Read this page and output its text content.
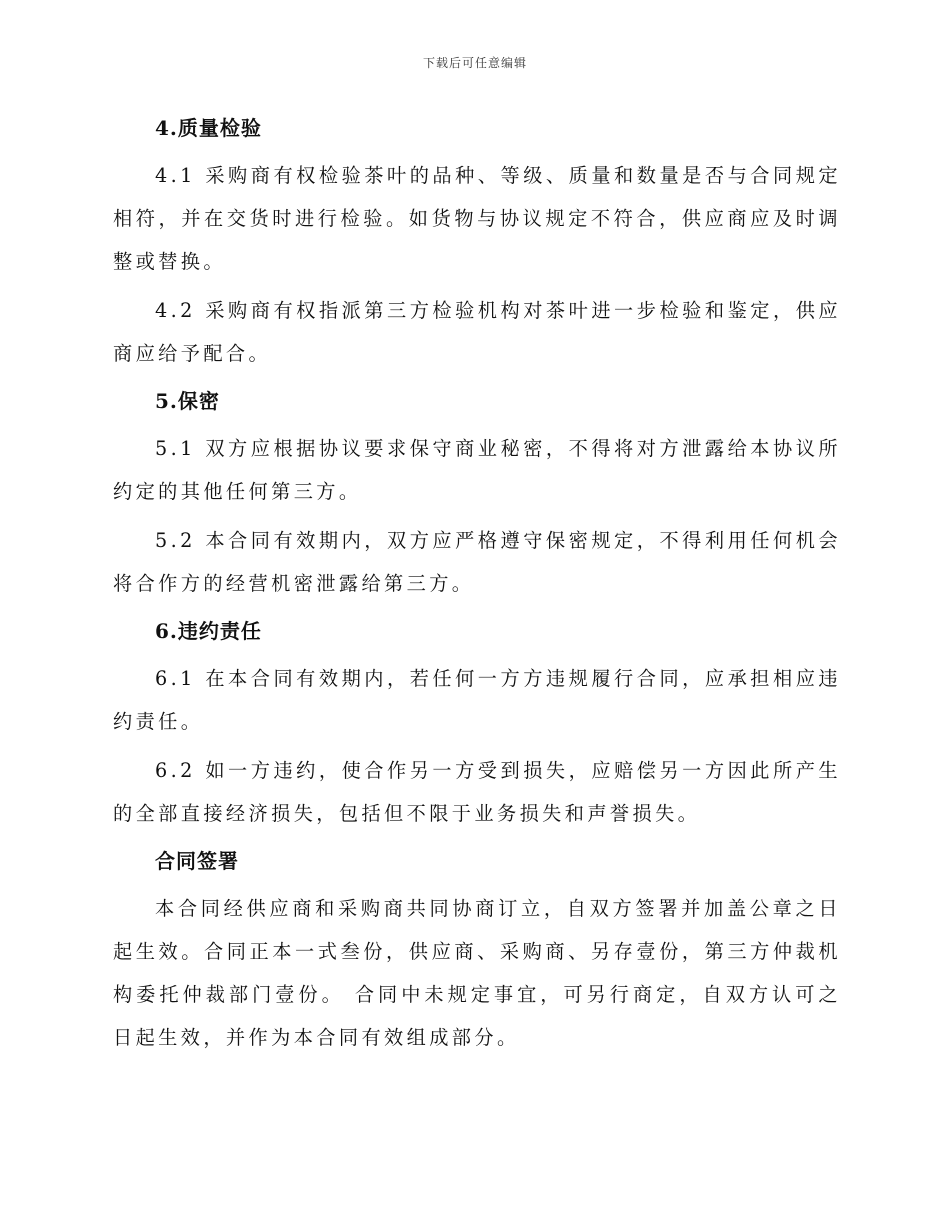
下载后可任意编辑
4.质量检验

4.1 采购商有权检验茶叶的品种、等级、质量和数量是否与合同规定相符，并在交货时进行检验。如货物与协议规定不符合，供应商应及时调整或替换。

4.2 采购商有权指派第三方检验机构对茶叶进一步检验和鉴定，供应商应给予配合。

5.保密

5.1 双方应根据协议要求保守商业秘密，不得将对方泄露给本协议所约定的其他任何第三方。

5.2 本合同有效期内，双方应严格遵守保密规定，不得利用任何机会将合作方的经营机密泄露给第三方。

6.违约责任

6.1 在本合同有效期内，若任何一方方违规履行合同，应承担相应违约责任。

6.2 如一方违约，使合作另一方受到损失，应赔偿另一方因此所产生的全部直接经济损失，包括但不限于业务损失和声誉损失。

合同签署

本合同经供应商和采购商共同协商订立，自双方签署并加盖公章之日起生效。合同正本一式叁份，供应商、采购商、另存壹份，第三方仲裁机构委托仲裁部门壹份。 合同中未规定事宜，可另行商定，自双方认可之日起生效，并作为本合同有效组成部分。
